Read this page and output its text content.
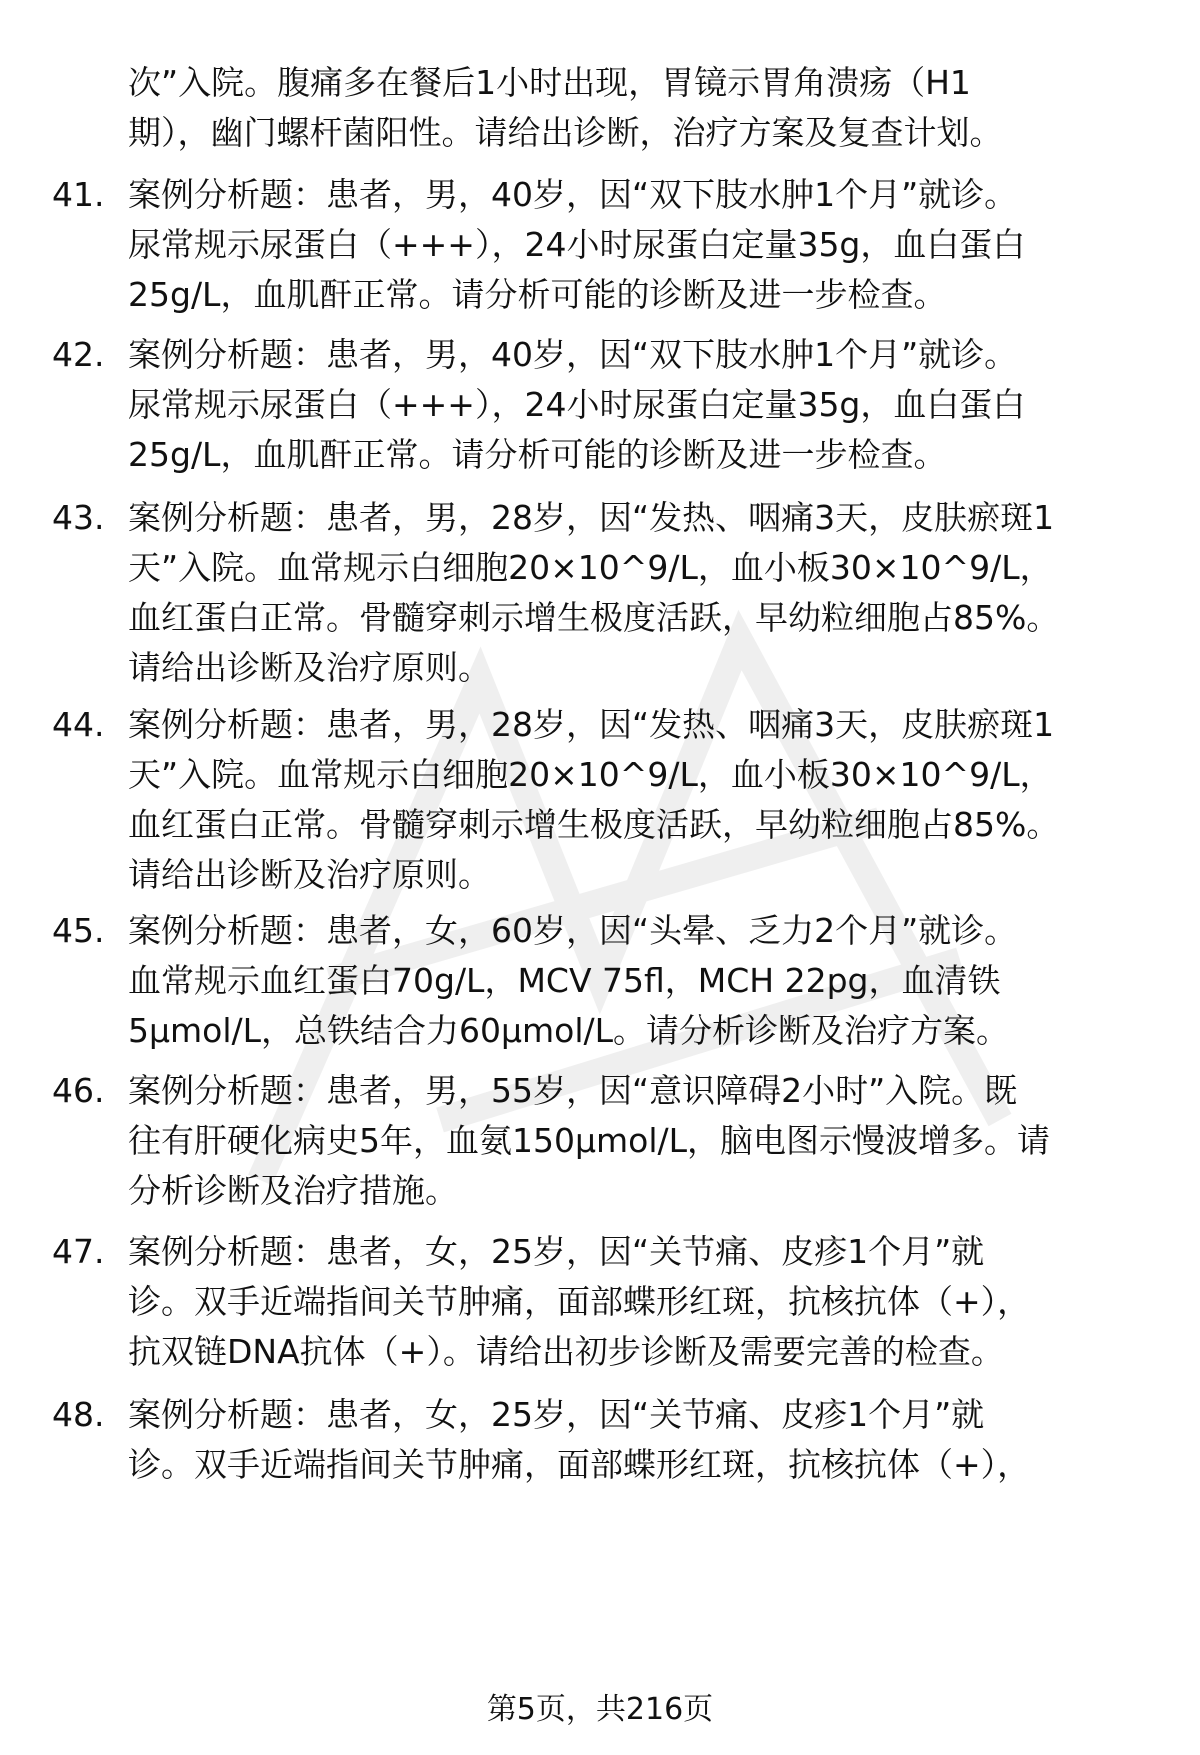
次”入院。腹痛多在餐后1小时出现，胃镜示胃角溃疡（H1
期），幽门螺杆菌阳性。请给出诊断，治疗方案及复查计划。
41. 案例分析题：患者，男，40岁，因“双下肢水肿1个月”就诊。
尿常规示尿蛋白（+++），24小时尿蛋白定量35g，血白蛋白
25g/L，血肌酐正常。请分析可能的诊断及进一步检查。
42. 案例分析题：患者，男，40岁，因“双下肢水肿1个月”就诊。
尿常规示尿蛋白（+++），24小时尿蛋白定量35g，血白蛋白
25g/L，血肌酐正常。请分析可能的诊断及进一步检查。
43. 案例分析题：患者，男，28岁，因“发热、咽痛3天，皮肤瘀斑1
天”入院。血常规示白细胞20×10^9/L，血小板30×10^9/L，
血红蛋白正常。骨髓穿刺示增生极度活跃，早幼粒细胞占85%。
请给出诊断及治疗原则。
44. 案例分析题：患者，男，28岁，因“发热、咽痛3天，皮肤瘀斑1
天”入院。血常规示白细胞20×10^9/L，血小板30×10^9/L，
血红蛋白正常。骨髓穿刺示增生极度活跃，早幼粒细胞占85%。
请给出诊断及治疗原则。
45. 案例分析题：患者，女，60岁，因“头晕、乏力2个月”就诊。
血常规示血红蛋白70g/L，MCV 75fl，MCH 22pg，血清铁
5μmol/L，总铁结合力60μmol/L。请分析诊断及治疗方案。
46. 案例分析题：患者，男，55岁，因“意识障碍2小时”入院。既
往有肝硬化病史5年，血氨150μmol/L，脑电图示慢波增多。请
分析诊断及治疗措施。
47. 案例分析题：患者，女，25岁，因“关节痛、皮疹1个月”就
诊。双手近端指间关节肿痛，面部蝶形红斑，抗核抗体（+），
抗双链DNA抗体（+）。请给出初步诊断及需要完善的检查。
48. 案例分析题：患者，女，25岁，因“关节痛、皮疹1个月”就
诊。双手近端指间关节肿痛，面部蝶形红斑，抗核抗体（+），
第5页，共216页
